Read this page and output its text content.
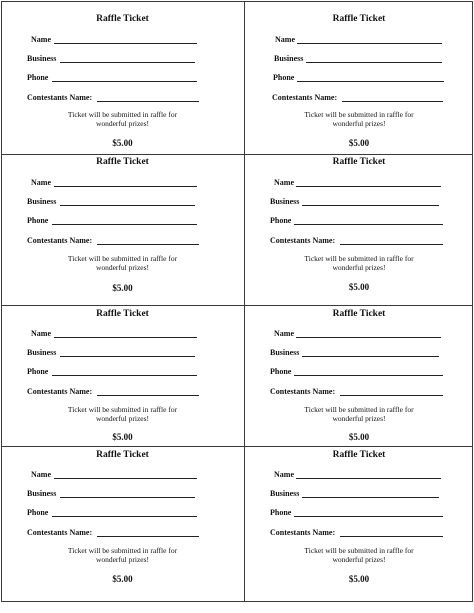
Raffle Ticket
Name
Business
Phone
Contestants Name:
Ticket will be submitted in raffle for
wonderful prizes!
$5.00
Raffle Ticket
Name
Business
Phone
Contestants Name:
Ticket will be submitted in raffle for
wonderful prizes!
$5.00
Raffle Ticket
Name
Business
Phone
Contestants Name:
Ticket will be submitted in raffle for
wonderful prizes!
$5.00
Raffle Ticket
Name
Business
Phone
Contestants Name:
Ticket will be submitted in raffle for
wonderful prizes!
$5.00
Raffle Ticket
Name
Business
Phone
Contestants Name:
Ticket will be submitted in raffle for
wonderful prizes!
$5.00
Raffle Ticket
Name
Business
Phone
Contestants Name:
Ticket will be submitted in raffle for
wonderful prizes!
$5.00
Raffle Ticket
Name
Business
Phone
Contestants Name:
Ticket will be submitted in raffle for
wonderful prizes!
$5.00
Raffle Ticket
Name
Business
Phone
Contestants Name:
Ticket will be submitted in raffle for
wonderful prizes!
$5.00
